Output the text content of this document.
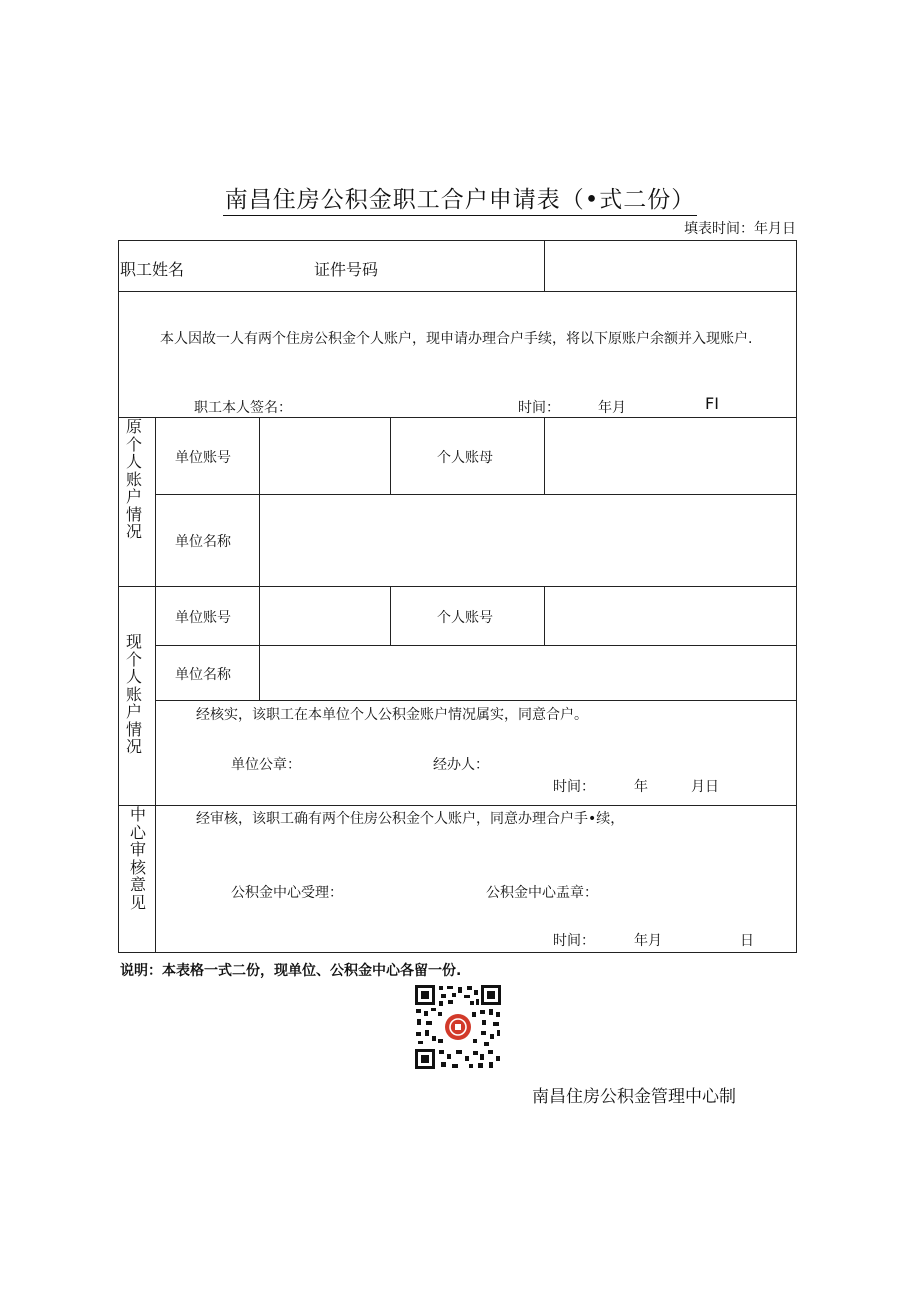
南昌住房公积金职工合户申请表（•式二份）
填表时间：年月日
职工姓名	证件号码
本人因故一人有两个住房公积金个人账户，现申请办理合户手续，将以下原账户余额并入现账户.
职工本人签名：	时间：	年月	FI
原个人账户情况
单位账号	个人账母
单位名称
现个人账户情况
单位账号	个人账号
单位名称
经核实，该职工在本单位个人公积金账户情况属实，同意合户。
单位公章：	经办人：
时间：	年	月日
中心审核意见
经审核，该职工确有两个住房公积金个人账户，同意办理合户手•续，
公积金中心受理：	公积金中心盂章：
时间：	年月	日
说明：本表格一式二份，现单位、公积金中心各留一份.
南昌住房公积金管理中心制
